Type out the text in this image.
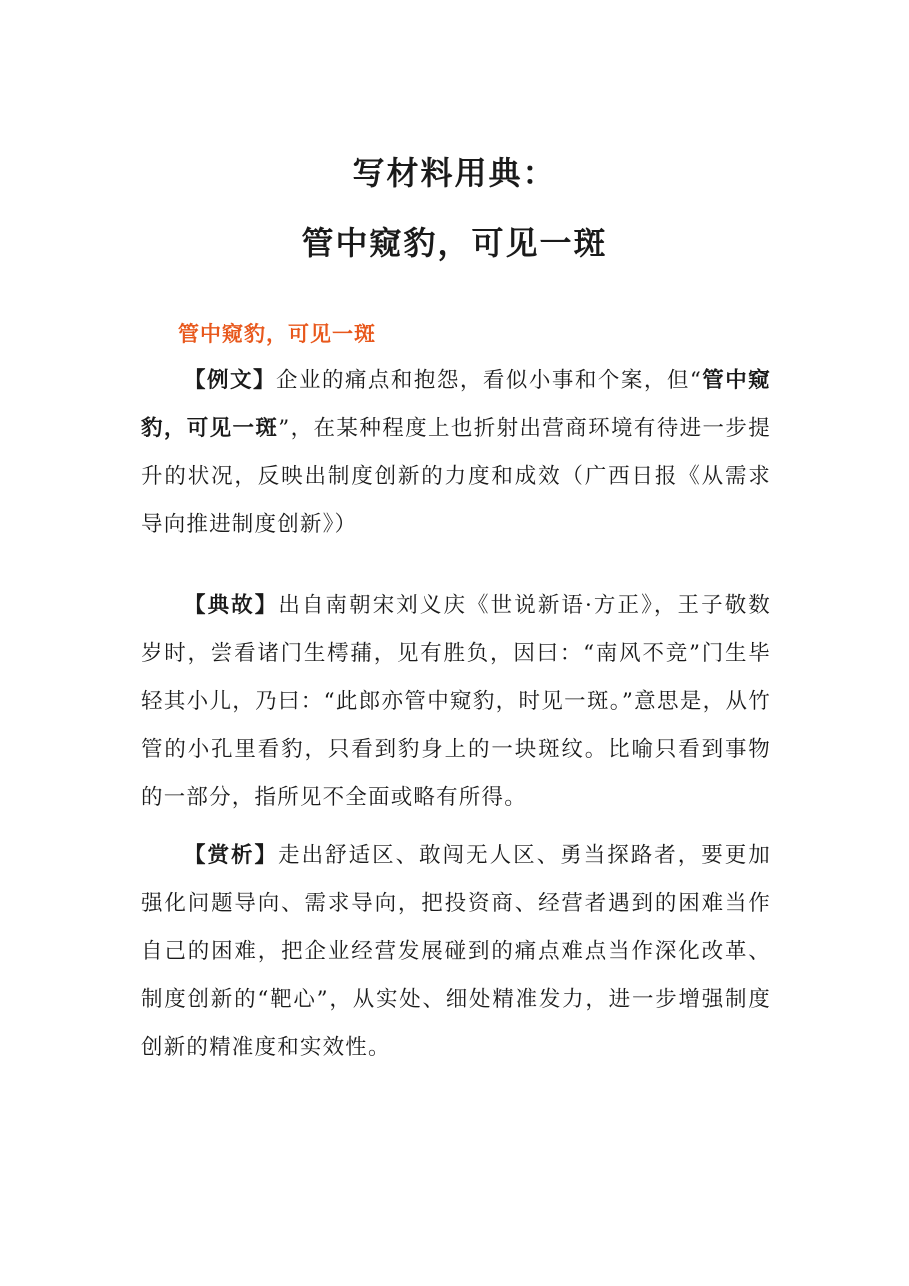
写材料用典：
管中窥豹，可见一斑
管中窥豹，可见一斑

【例文】企业的痛点和抱怨，看似小事和个案，但“管中窥豹，可见一斑”，在某种程度上也折射出营商环境有待进一步提升的状况，反映出制度创新的力度和成效（广西日报《从需求导向推进制度创新》）

【典故】出自南朝宋刘义庆《世说新语·方正》，王子敬数岁时，尝看诸门生樗蒱，见有胜负，因曰：“南风不竞”门生毕轻其小儿，乃曰：“此郎亦管中窥豹，时见一斑。”意思是，从竹管的小孔里看豹，只看到豹身上的一块斑纹。比喻只看到事物的一部分，指所见不全面或略有所得。

【赏析】走出舒适区、敢闯无人区、勇当探路者，要更加强化问题导向、需求导向，把投资商、经营者遇到的困难当作自己的困难，把企业经营发展碰到的痛点难点当作深化改革、制度创新的“靶心”，从实处、细处精准发力，进一步增强制度创新的精准度和实效性。
